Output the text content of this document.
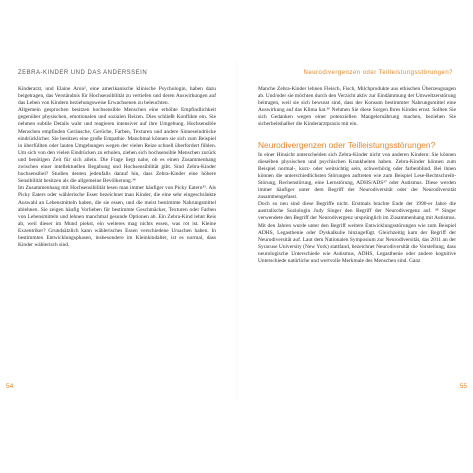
ZEBRA-KINDER UND DAS ANDERSSEIN	Neurodivergenzen oder Teilleistungsstörungen?

Kinderarzt, und Elaine Aron², eine amerikanische klinische Psychologin, haben dazu beigetragen, das Verständnis für Hochsensibilität zu vertiefen und deren Auswirkungen auf das Leben von Kindern beziehungsweise Erwachsenen zu beleuchten.

Allgemein gesprochen besitzen hochsensible Menschen eine erhöhte Empfindlichkeit gegenüber physischen, emotionalen und sozialen Reizen. Dies schließt Konflikte ein. Sie nehmen subtile Details wahr und reagieren intensiver auf ihre Umgebung. Hochsensible Menschen empfinden Geräusche, Gerüche, Farben, Texturen und andere Sinneseindrücke eindrücklicher. Sie besitzen eine große Empathie. Manchmal können sie sich zum Beispiel in überfüllten oder lauten Umgebungen wegen der vielen Reize schnell überfordert fühlen. Um sich von den vielen Eindrücken zu erholen, ziehen sich hochsensible Menschen zurück und benötigen Zeit für sich allein. Die Frage liegt nahe, ob es einen Zusammenhang zwischen einer intellektuellen Begabung und Hochsensibilität gibt. Sind Zebra-Kinder hochsensibel? Studien deuten jedenfalls darauf hin, dass Zebra-Kinder eine höhere Sensibilität besitzen als die allgemeine Bevölkerung.³⁴

Im Zusammenhang mit Hochsensibilität lesen man immer häufiger von Picky Eatern³⁵. Als Picky Eaters oder wählerische Esser bezeichnet man Kinder, die eine sehr eingeschränkte Auswahl an Lebensmitteln haben, die sie essen, und die meist bestimmte Nahrungsmittel ablehnen. Sie zeigen häufig Vorlieben für bestimmte Geschmäcker, Texturen oder Farben von Lebensmitteln und lehnen manchmal gesunde Optionen ab. Ein Zebra-Kind lehnt Reis ab, weil dieser im Mund piekst, ein weiteres mag nichts essen, was rot ist. Kleine Exzentriker? Grundsätzlich kann wählerisches Essen verschiedene Ursachen haben. In bestimmten Entwicklungsphasen, insbesondere im Kleinkindalter, ist es normal, dass Kinder wählerisch sind.

Manche Zebra-Kinder lehnen Fleisch, Fisch, Milchprodukte aus ethischen Überzeugungen ab. Und/oder sie möchten durch den Verzicht aktiv zur Eindämmung der Umweltzerstörung beitragen, weil sie sich bewusst sind, dass der Konsum bestimmter Nahrungsmittel eine Auswirkung auf das Klima hat.³⁶ Nehmen Sie diese Sorgen Ihres Kindes ernst. Sollten Sie sich Gedanken wegen einer potenziellen Mangelernährung machen, beziehen Sie sicherheitshalber die Kinderarztpraxis mit ein.

Neurodivergenzen oder Teilleistungsstörungen?

In einer Hinsicht unterscheiden sich Zebra-Kinder nicht von anderen Kindern: Sie können dieselben physischen und psychischen Krankheiten haben. Zebra-Kinder können zum Beispiel normal-, kurz- oder weitsichtig sein, schwerhörig oder farbenblind. Bei ihnen können die unterschiedlichsten Störungen auftreten wie zum Beispiel Lese-Rechtschreib-Störung, Rechenstörung, eine Lernstörung, ADHS/ADS³⁷ oder Autismus. Diese werden immer häufiger unter dem Begriff der Neurodiversität oder der Neurodiversität zusammengefasst.

Doch so neu sind diese Begriffe nicht. Erstmals brachte Ende der 1990-er Jahre die australische Soziologin Judy Singer den Begriff der Neurodivergenz auf. ³⁸ Singer verwendete den Begriff der Neurodivergenz ursprünglich im Zusammenhang mit Autismus. Mit den Jahren wurde unter den Begriff weitere Entwicklungsstörungen wie zum Beispiel ADHS, Legasthenie oder Dyskalkulie hinzugefügt. Gleichzeitig kam der Begriff der Neurodiversität auf. Laut dem Nationalen Symposium zur Neurodiversität, das 2011 an der Syracuse University (New York) stattfand, bezeichnet Neurodiversität die Vorstellung, dass neurologische Unterschiede wie Autismus, ADHS, Legasthenie oder andere kognitive Unterschiede natürliche und wertvolle Merkmale des Menschen sind. Ganz

54	55
